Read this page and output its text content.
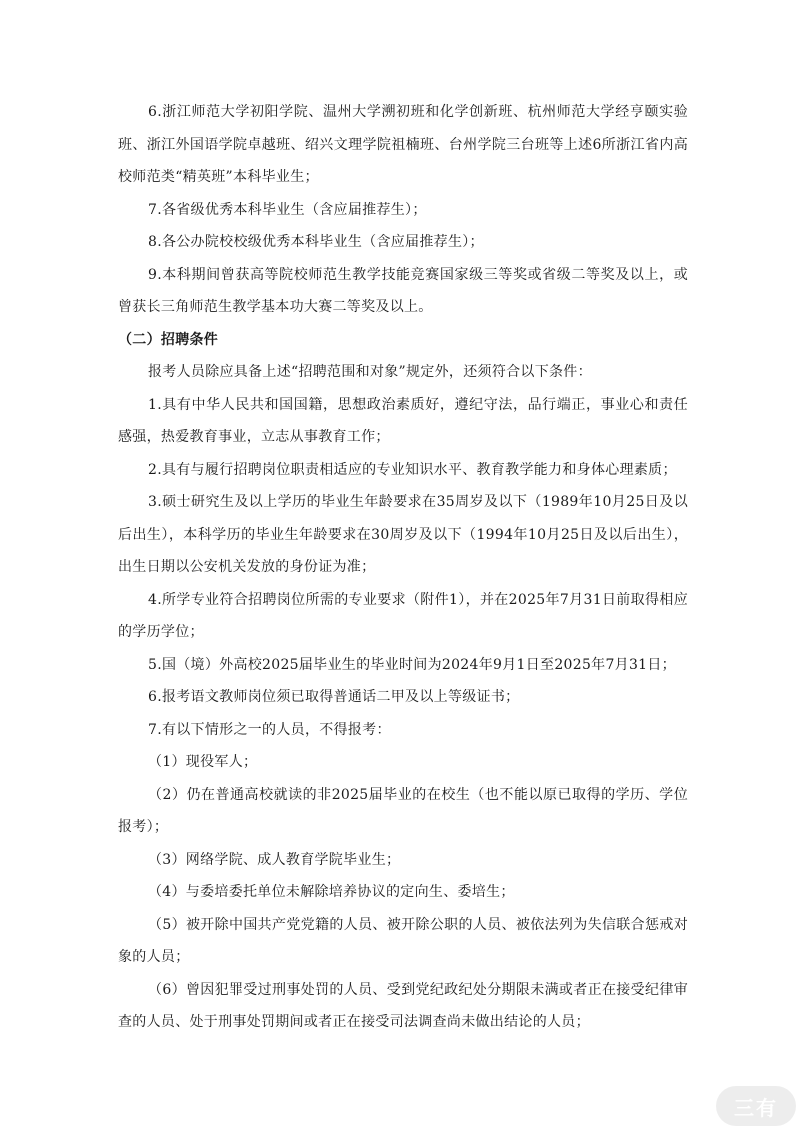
6.浙江师范大学初阳学院、温州大学溯初班和化学创新班、杭州师范大学经亨颐实验班、浙江外国语学院卓越班、绍兴文理学院祖楠班、台州学院三台班等上述6所浙江省内高校师范类“精英班”本科毕业生；

7.各省级优秀本科毕业生（含应届推荐生）；

8.各公办院校校级优秀本科毕业生（含应届推荐生）；

9.本科期间曾获高等院校师范生教学技能竞赛国家级三等奖或省级二等奖及以上，或曾获长三角师范生教学基本功大赛二等奖及以上。

（二）招聘条件

报考人员除应具备上述“招聘范围和对象”规定外，还须符合以下条件：

1.具有中华人民共和国国籍，思想政治素质好，遵纪守法，品行端正，事业心和责任感强，热爱教育事业，立志从事教育工作；

2.具有与履行招聘岗位职责相适应的专业知识水平、教育教学能力和身体心理素质；

3.硕士研究生及以上学历的毕业生年龄要求在35周岁及以下（1989年10月25日及以后出生），本科学历的毕业生年龄要求在30周岁及以下（1994年10月25日及以后出生），出生日期以公安机关发放的身份证为准；

4.所学专业符合招聘岗位所需的专业要求（附件1），并在2025年7月31日前取得相应的学历学位；

5.国（境）外高校2025届毕业生的毕业时间为2024年9月1日至2025年7月31日；

6.报考语文教师岗位须已取得普通话二甲及以上等级证书；

7.有以下情形之一的人员，不得报考：

（1）现役军人；

（2）仍在普通高校就读的非2025届毕业的在校生（也不能以原已取得的学历、学位报考）；

（3）网络学院、成人教育学院毕业生；

（4）与委培委托单位未解除培养协议的定向生、委培生；

（5）被开除中国共产党党籍的人员、被开除公职的人员、被依法列为失信联合惩戒对象的人员；

（6）曾因犯罪受过刑事处罚的人员、受到党纪政纪处分期限未满或者正在接受纪律审查的人员、处于刑事处罚期间或者正在接受司法调查尚未做出结论的人员；

三有
